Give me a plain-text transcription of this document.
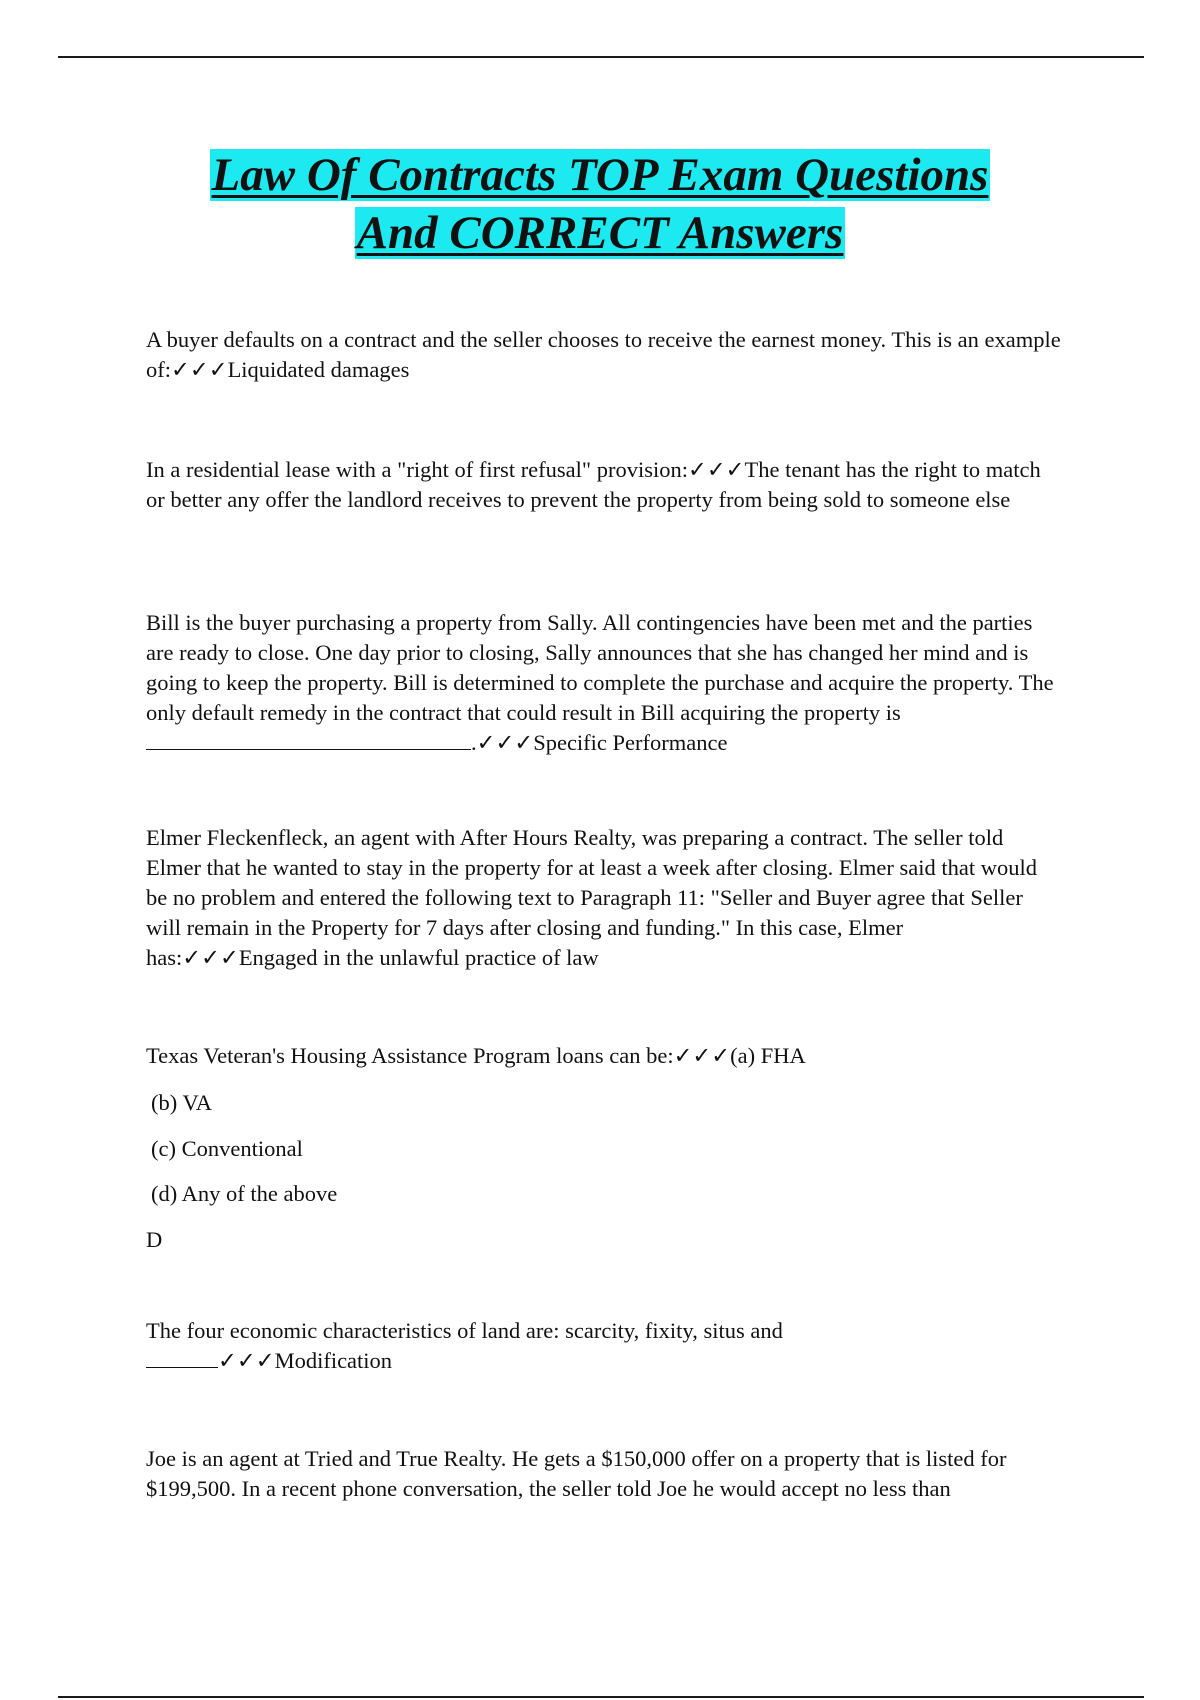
Law Of Contracts TOP Exam Questions
And CORRECT Answers

A buyer defaults on a contract and the seller chooses to receive the earnest money. This is an example of:✓✓✓Liquidated damages

In a residential lease with a "right of first refusal" provision:✓✓✓The tenant has the right to match or better any offer the landlord receives to prevent the property from being sold to someone else

Bill is the buyer purchasing a property from Sally. All contingencies have been met and the parties are ready to close. One day prior to closing, Sally announces that she has changed her mind and is going to keep the property. Bill is determined to complete the purchase and acquire the property. The only default remedy in the contract that could result in Bill acquiring the property is.✓✓✓Specific Performance

Elmer Fleckenfleck, an agent with After Hours Realty, was preparing a contract. The seller told Elmer that he wanted to stay in the property for at least a week after closing. Elmer said that would be no problem and entered the following text to Paragraph 11: "Seller and Buyer agree that Seller will remain in the Property for 7 days after closing and funding." In this case, Elmer has:✓✓✓Engaged in the unlawful practice of law

Texas Veteran's Housing Assistance Program loans can be:✓✓✓(a) FHA

(b) VA

(c) Conventional

(d) Any of the above

D

The four economic characteristics of land are: scarcity, fixity, situs and
✓✓✓Modification

Joe is an agent at Tried and True Realty. He gets a $150,000 offer on a property that is listed for $199,500. In a recent phone conversation, the seller told Joe he would accept no less than
